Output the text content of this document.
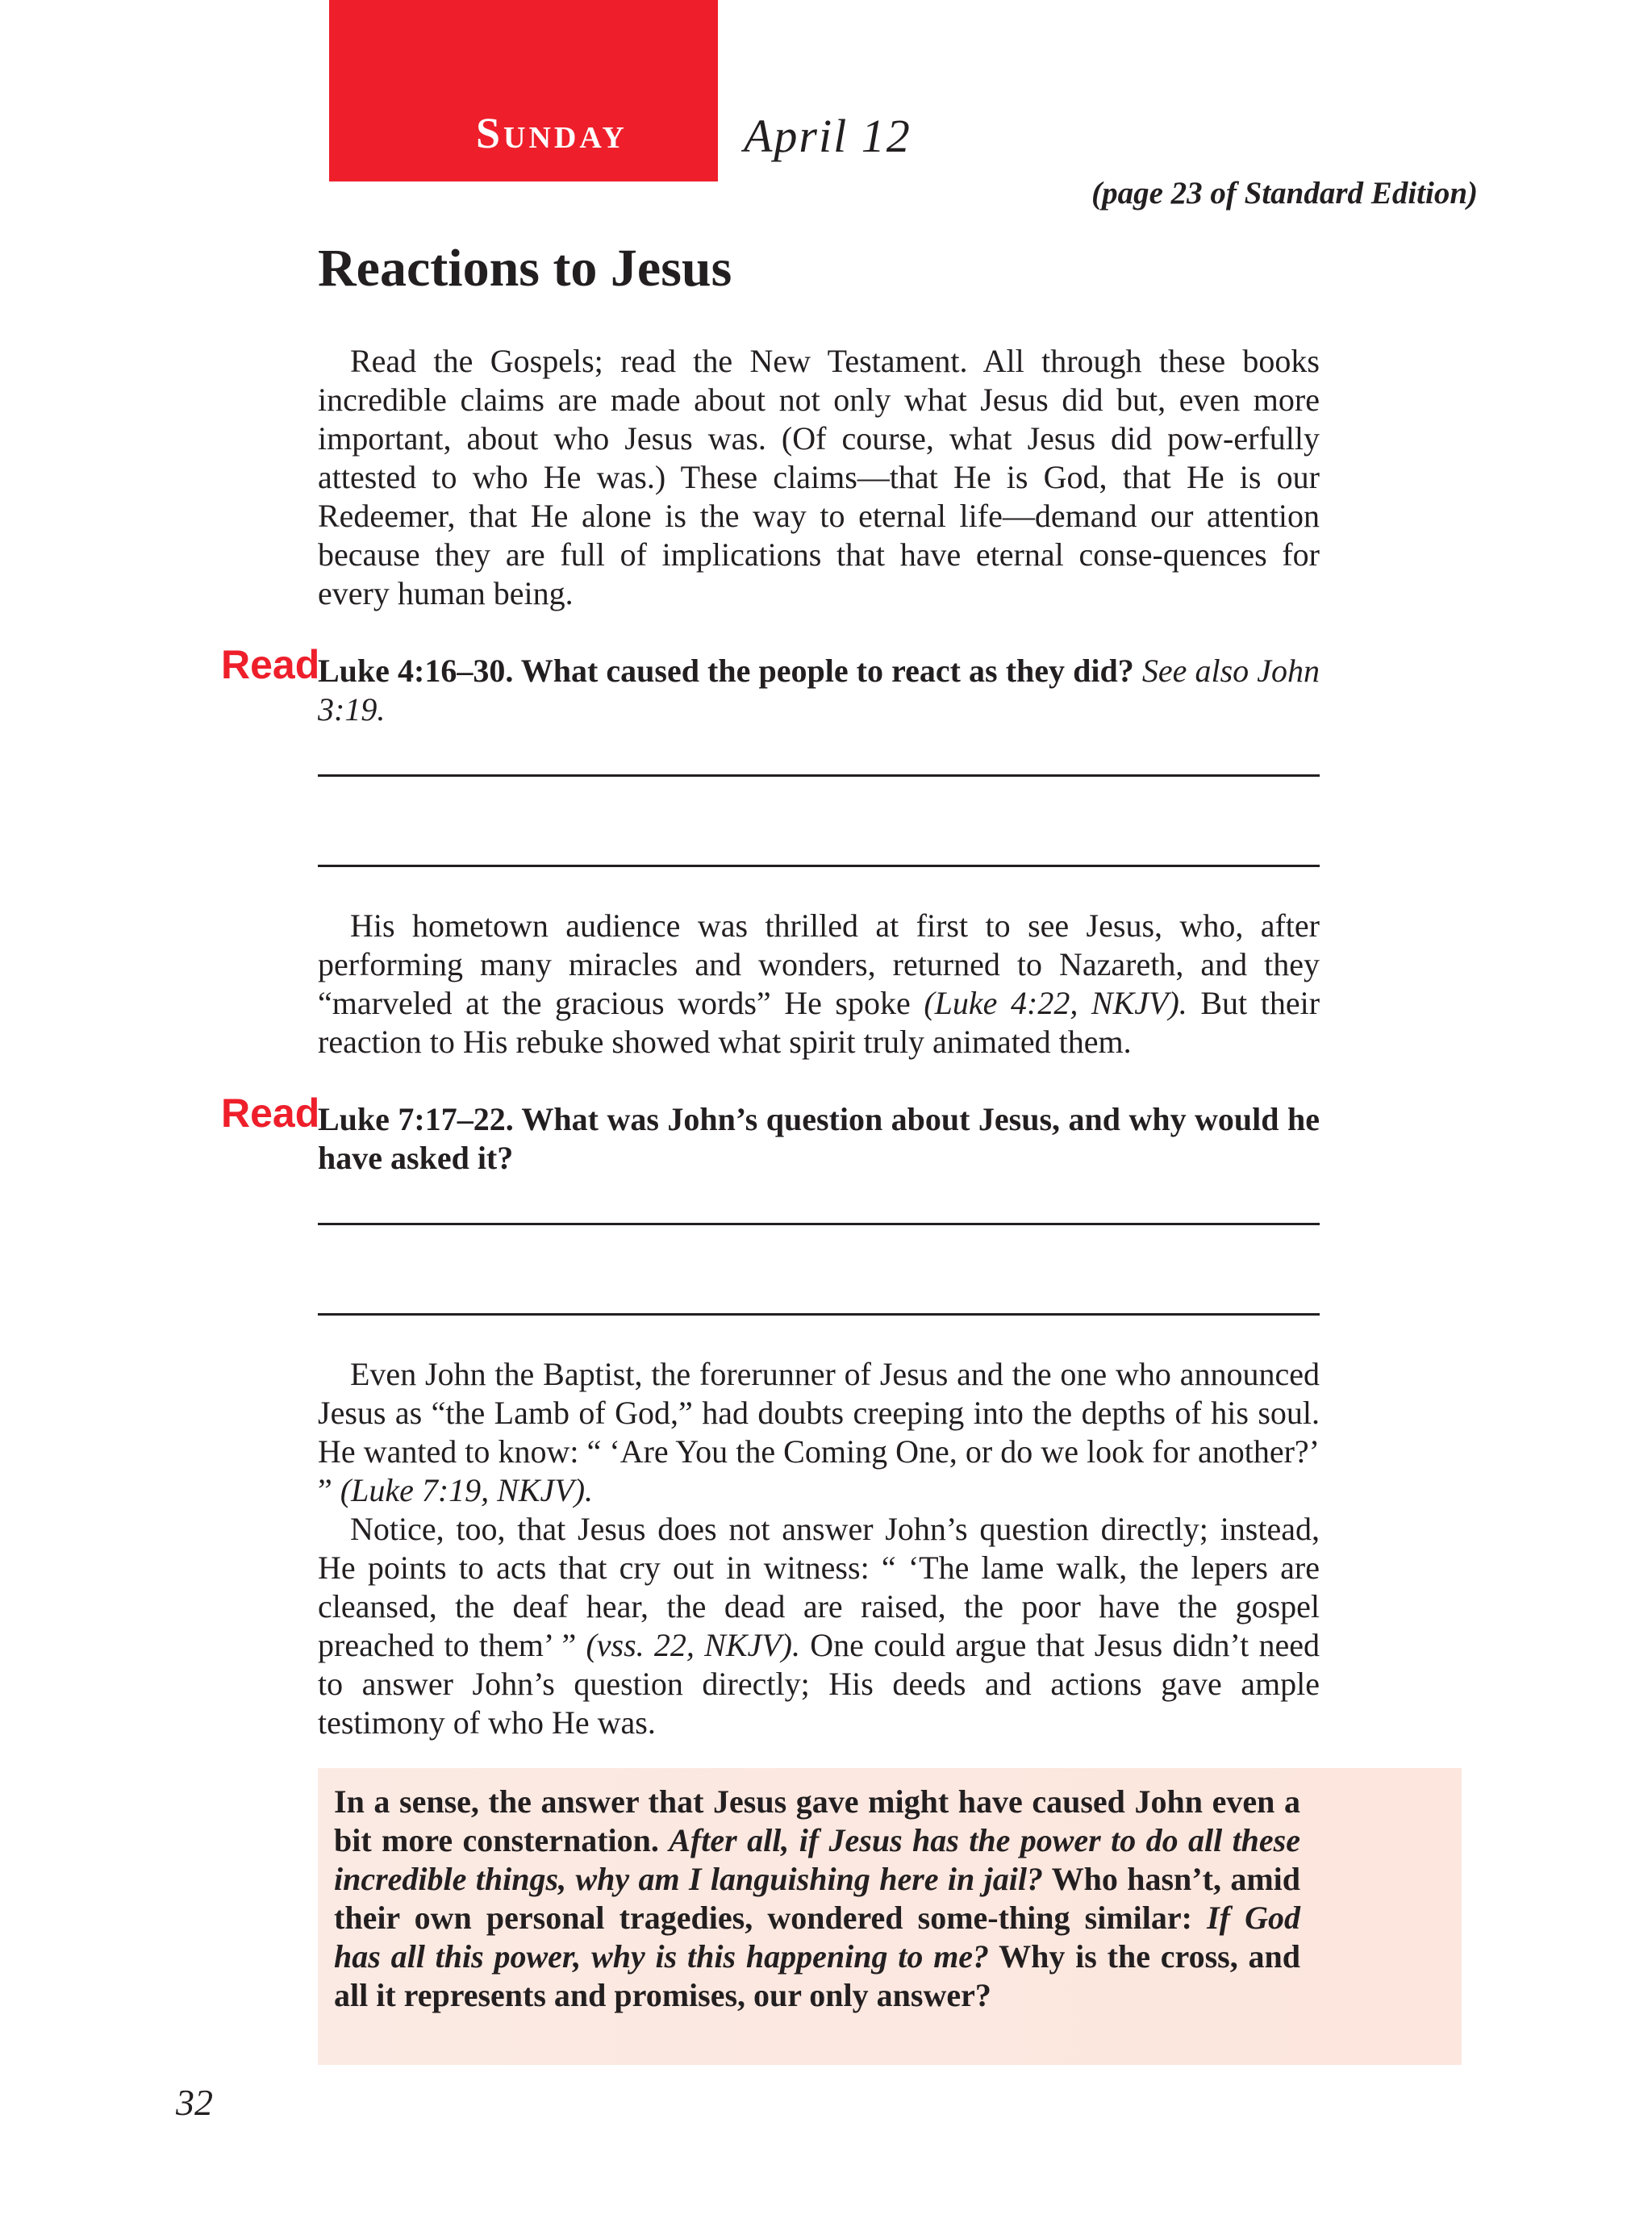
Sunday April 12
(page 23 of Standard Edition)
Reactions to Jesus

Read the Gospels; read the New Testament. All through these books incredible claims are made about not only what Jesus did but, even more important, about who Jesus was. (Of course, what Jesus did pow-erfully attested to who He was.) These claims—that He is God, that He is our Redeemer, that He alone is the way to eternal life—demand our attention because they are full of implications that have eternal conse-quences for every human being.

Read
Luke 4:16–30. What caused the people to react as they did? See also John 3:19.

His hometown audience was thrilled at first to see Jesus, who, after performing many miracles and wonders, returned to Nazareth, and they “marveled at the gracious words” He spoke (Luke 4:22, NKJV). But their reaction to His rebuke showed what spirit truly animated them.

Read
Luke 7:17–22. What was John’s question about Jesus, and why would he have asked it?

Even John the Baptist, the forerunner of Jesus and the one who announced Jesus as “the Lamb of God,” had doubts creeping into the depths of his soul. He wanted to know: “ ‘Are You the Coming One, or do we look for another?’ ” (Luke 7:19, NKJV).

Notice, too, that Jesus does not answer John’s question directly; instead, He points to acts that cry out in witness: “ ‘The lame walk, the lepers are cleansed, the deaf hear, the dead are raised, the poor have the gospel preached to them’ ” (vss. 22, NKJV). One could argue that Jesus didn’t need to answer John’s question directly; His deeds and actions gave ample testimony of who He was.

In a sense, the answer that Jesus gave might have caused John even a bit more consternation. After all, if Jesus has the power to do all these incredible things, why am I languishing here in jail? Who hasn’t, amid their own personal tragedies, wondered some-thing similar: If God has all this power, why is this happening to me? Why is the cross, and all it represents and promises, our only answer?

32
